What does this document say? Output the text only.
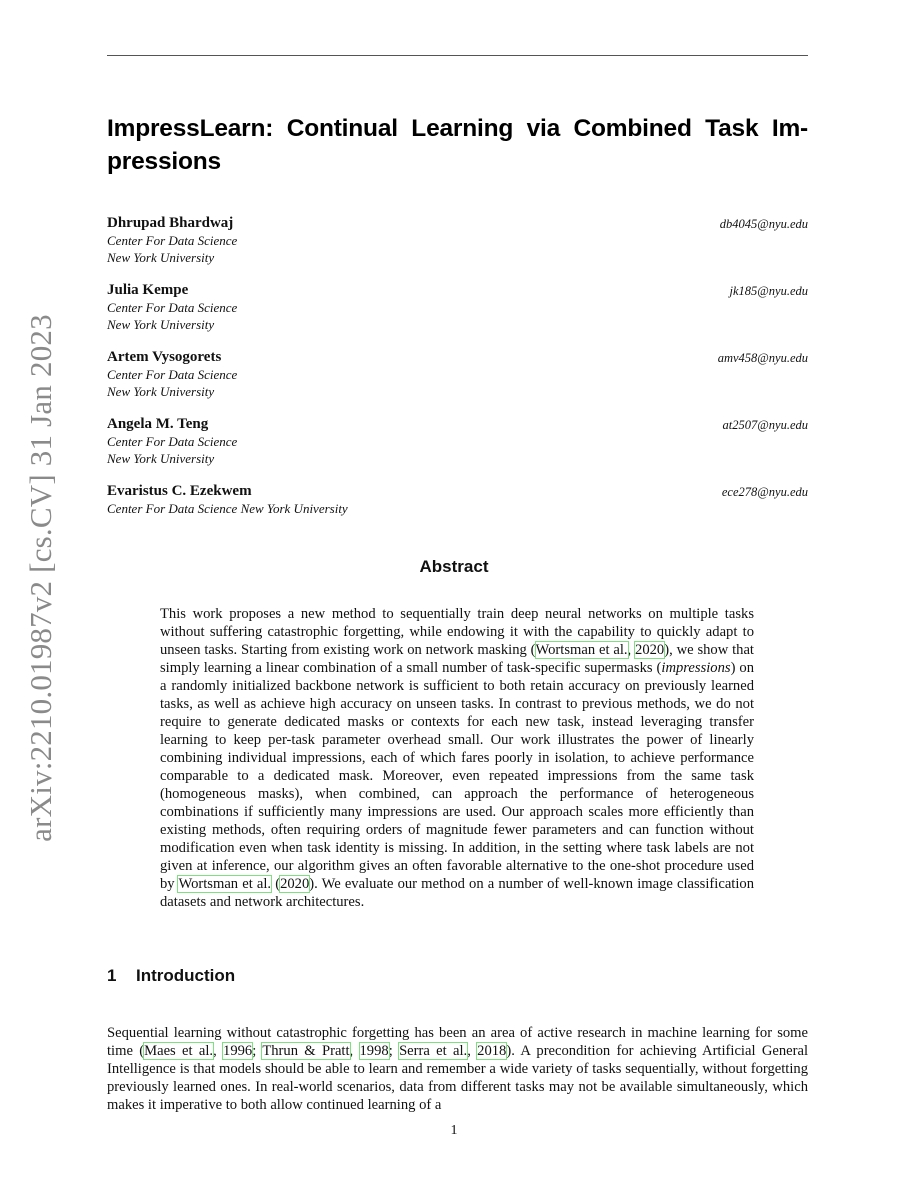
arXiv:2210.01987v2 [cs.CV] 31 Jan 2023
ImpressLearn: Continual Learning via Combined Task Im-
pressions
Dhrupad Bhardwaj
Center For Data Science
New York University
db4045@nyu.edu
Julia Kempe
Center For Data Science
New York University
jk185@nyu.edu
Artem Vysogorets
Center For Data Science
New York University
amv458@nyu.edu
Angela M. Teng
Center For Data Science
New York University
at2507@nyu.edu
Evaristus C. Ezekwem
Center For Data Science New York University
ece278@nyu.edu
Abstract
This work proposes a new method to sequentially train deep neural networks on multiple tasks without suffering catastrophic forgetting, while endowing it with the capability to quickly adapt to unseen tasks. Starting from existing work on network masking (Wortsman et al., 2020), we show that simply learning a linear combination of a small number of task-specific supermasks (impressions) on a randomly initialized backbone network is sufficient to both retain accuracy on previously learned tasks, as well as achieve high accuracy on unseen tasks. In contrast to previous methods, we do not require to generate dedicated masks or contexts for each new task, instead leveraging transfer learning to keep per-task parameter overhead small. Our work illustrates the power of linearly combining individual impressions, each of which fares poorly in isolation, to achieve performance comparable to a dedicated mask. Moreover, even repeated impressions from the same task (homogeneous masks), when combined, can approach the performance of heterogeneous combinations if sufficiently many impressions are used. Our approach scales more efficiently than existing methods, often requiring orders of magnitude fewer parameters and can function without modification even when task identity is missing. In addition, in the setting where task labels are not given at inference, our algorithm gives an often favorable alternative to the one-shot procedure used by Wortsman et al. (2020). We evaluate our method on a number of well-known image classification datasets and network architectures.
1 Introduction
Sequential learning without catastrophic forgetting has been an area of active research in machine learning for some time (Maes et al., 1996; Thrun & Pratt, 1998; Serra et al., 2018). A precondition for achieving Artificial General Intelligence is that models should be able to learn and remember a wide variety of tasks sequentially, without forgetting previously learned ones. In real-world scenarios, data from different tasks may not be available simultaneously, which makes it imperative to both allow continued learning of a
1
